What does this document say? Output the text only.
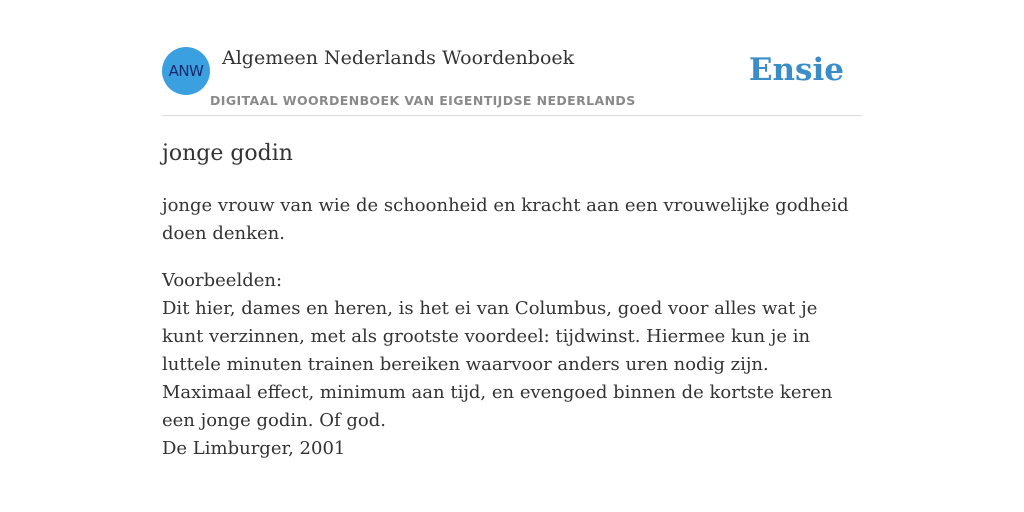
ANW
Algemeen Nederlands Woordenboek
DIGITAAL WOORDENBOEK VAN EIGENTIJDSE NEDERLANDS
Ensie
jonge godin
jonge vrouw van wie de schoonheid en kracht aan een vrouwelijke godheid doen denken.
Voorbeelden:
Dit hier, dames en heren, is het ei van Columbus, goed voor alles wat je kunt verzinnen, met als grootste voordeel: tijdwinst. Hiermee kun je in luttele minuten trainen bereiken waarvoor anders uren nodig zijn. Maximaal effect, minimum aan tijd, en evengoed binnen de kortste keren een jonge godin. Of god.
De Limburger, 2001
